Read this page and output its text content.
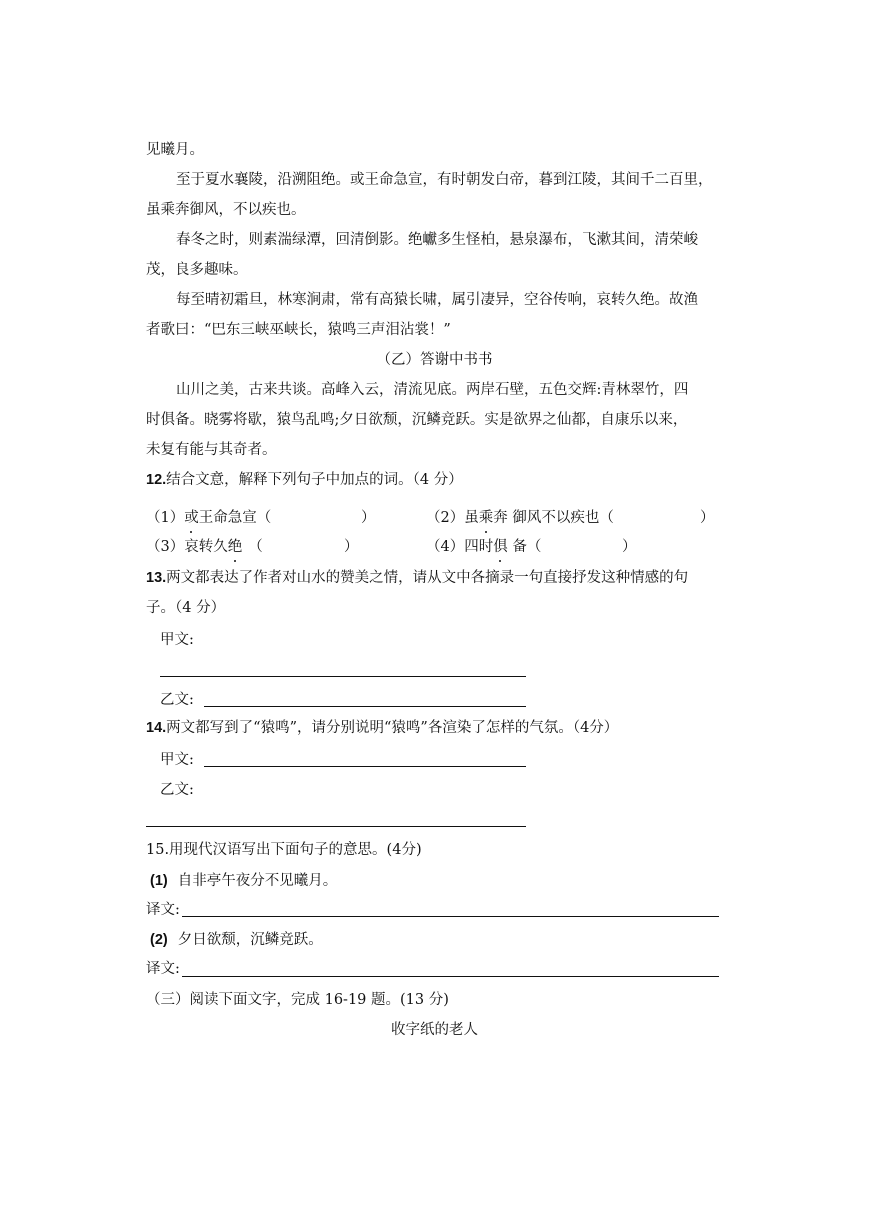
见曦月。
至于夏水襄陵，沿溯阻绝。或王命急宣，有时朝发白帝，暮到江陵，其间千二百里，
虽乘奔御风，不以疾也。
春冬之时，则素湍绿潭，回清倒影。绝巘多生怪柏，悬泉瀑布，飞漱其间，清荣峻
茂，良多趣味。
每至晴初霜旦，林寒涧肃，常有高猿长啸，属引凄异，空谷传响，哀转久绝。故渔
者歌曰：“巴东三峡巫峡长，猿鸣三声泪沾裳！”
（乙）答谢中书书
山川之美，古来共谈。高峰入云，清流见底。两岸石壁，五色交辉:青林翠竹，四
时俱备。晓雾将歇，猿鸟乱鸣;夕日欲颓，沉鳞竞跃。实是欲界之仙都，自康乐以来，
未复有能与其奇者。
12.结合文意，解释下列句子中加点的词。（4 分）
（1）或王命急宣（	）	（2）虽乘奔 御风不以疾也（	）
（3）哀转久绝 （	）	（4）四时俱 备（	）
13.两文都表达了作者对山水的赞美之情，请从文中各摘录一句直接抒发这种情感的句
子。（4 分）
甲文:
乙文:
14.两文都写到了“猿鸣”，请分别说明“猿鸣”各渲染了怎样的气氛。（4分）
甲文:
乙文:
15.用现代汉语写出下面句子的意思。(4分)
(1) 自非亭午夜分不见曦月。
译文:
(2) 夕日欲颓，沉鳞竞跃。
译文:
（三）阅读下面文字，完成 16-19 题。(13 分)
收字纸的老人
